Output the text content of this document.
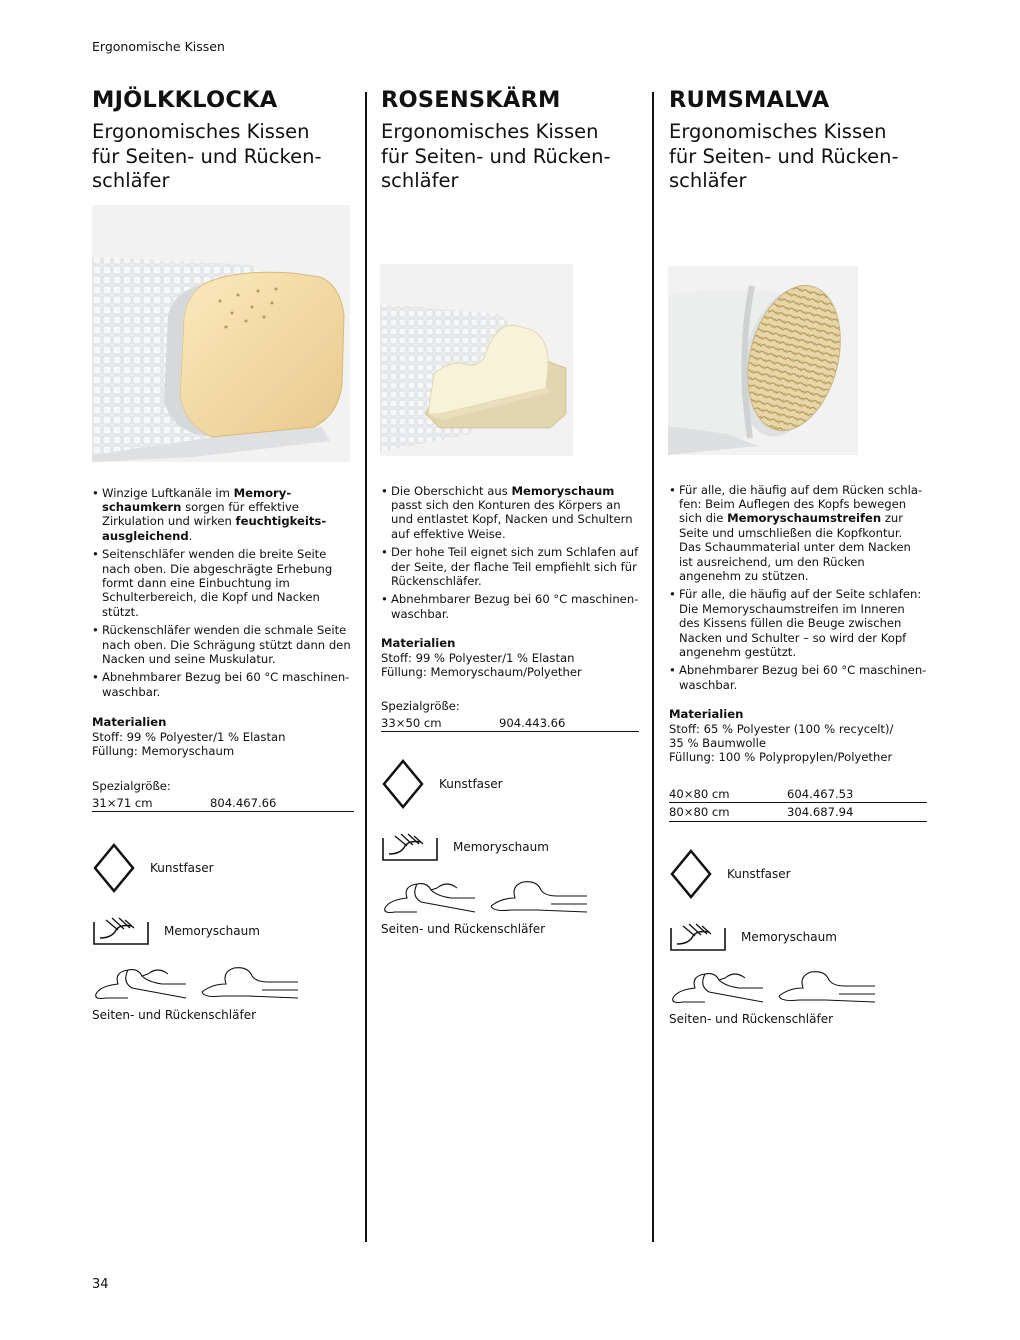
Ergonomische Kissen
MJÖLKKLOCKA
Ergonomisches Kissen
für Seiten- und Rücken-
schläfer
• Winzige Luftkanäle im Memoryschaumkern sorgen für effektive Zirkulation und wirken feuchtigkeitsausgleichend.
• Seitenschläfer wenden die breite Seite nach oben. Die abgeschrägte Erhebung formt dann eine Einbuchtung im Schulterbereich, die Kopf und Nacken stützt.
• Rückenschläfer wenden die schmale Seite nach oben. Die Schrägung stützt dann den Nacken und seine Muskulatur.
• Abnehmbarer Bezug bei 60 °C maschinenwaschbar.
Materialien
Stoff: 99 % Polyester/1 % Elastan
Füllung: Memoryschaum
Spezialgröße:
31×71 cm	804.467.66
Kunstfaser
Memoryschaum
Seiten- und Rückenschläfer
ROSENSKÄRM
Ergonomisches Kissen
für Seiten- und Rücken-
schläfer
• Die Oberschicht aus Memoryschaum passt sich den Konturen des Körpers an und entlastet Kopf, Nacken und Schultern auf effektive Weise.
• Der hohe Teil eignet sich zum Schlafen auf der Seite, der flache Teil empfiehlt sich für Rückenschläfer.
• Abnehmbarer Bezug bei 60 °C maschinenwaschbar.
Materialien
Stoff: 99 % Polyester/1 % Elastan
Füllung: Memoryschaum/Polyether
Spezialgröße:
33×50 cm	904.443.66
Kunstfaser
Memoryschaum
Seiten- und Rückenschläfer
RUMSMALVA
Ergonomisches Kissen
für Seiten- und Rücken-
schläfer
• Für alle, die häufig auf dem Rücken schlafen: Beim Auflegen des Kopfs bewegen sich die Memoryschaumstreifen zur Seite und umschließen die Kopfkontur. Das Schaummaterial unter dem Nacken ist ausreichend, um den Rücken angenehm zu stützen.
• Für alle, die häufig auf der Seite schlafen: Die Memoryschaumstreifen im Inneren des Kissens füllen die Beuge zwischen Nacken und Schulter – so wird der Kopf angenehm gestützt.
• Abnehmbarer Bezug bei 60 °C maschinenwaschbar.
Materialien
Stoff: 65 % Polyester (100 % recycelt)/
35 % Baumwolle
Füllung: 100 % Polypropylen/Polyether
40×80 cm	604.467.53
80×80 cm	304.687.94
Kunstfaser
Memoryschaum
Seiten- und Rückenschläfer
34
